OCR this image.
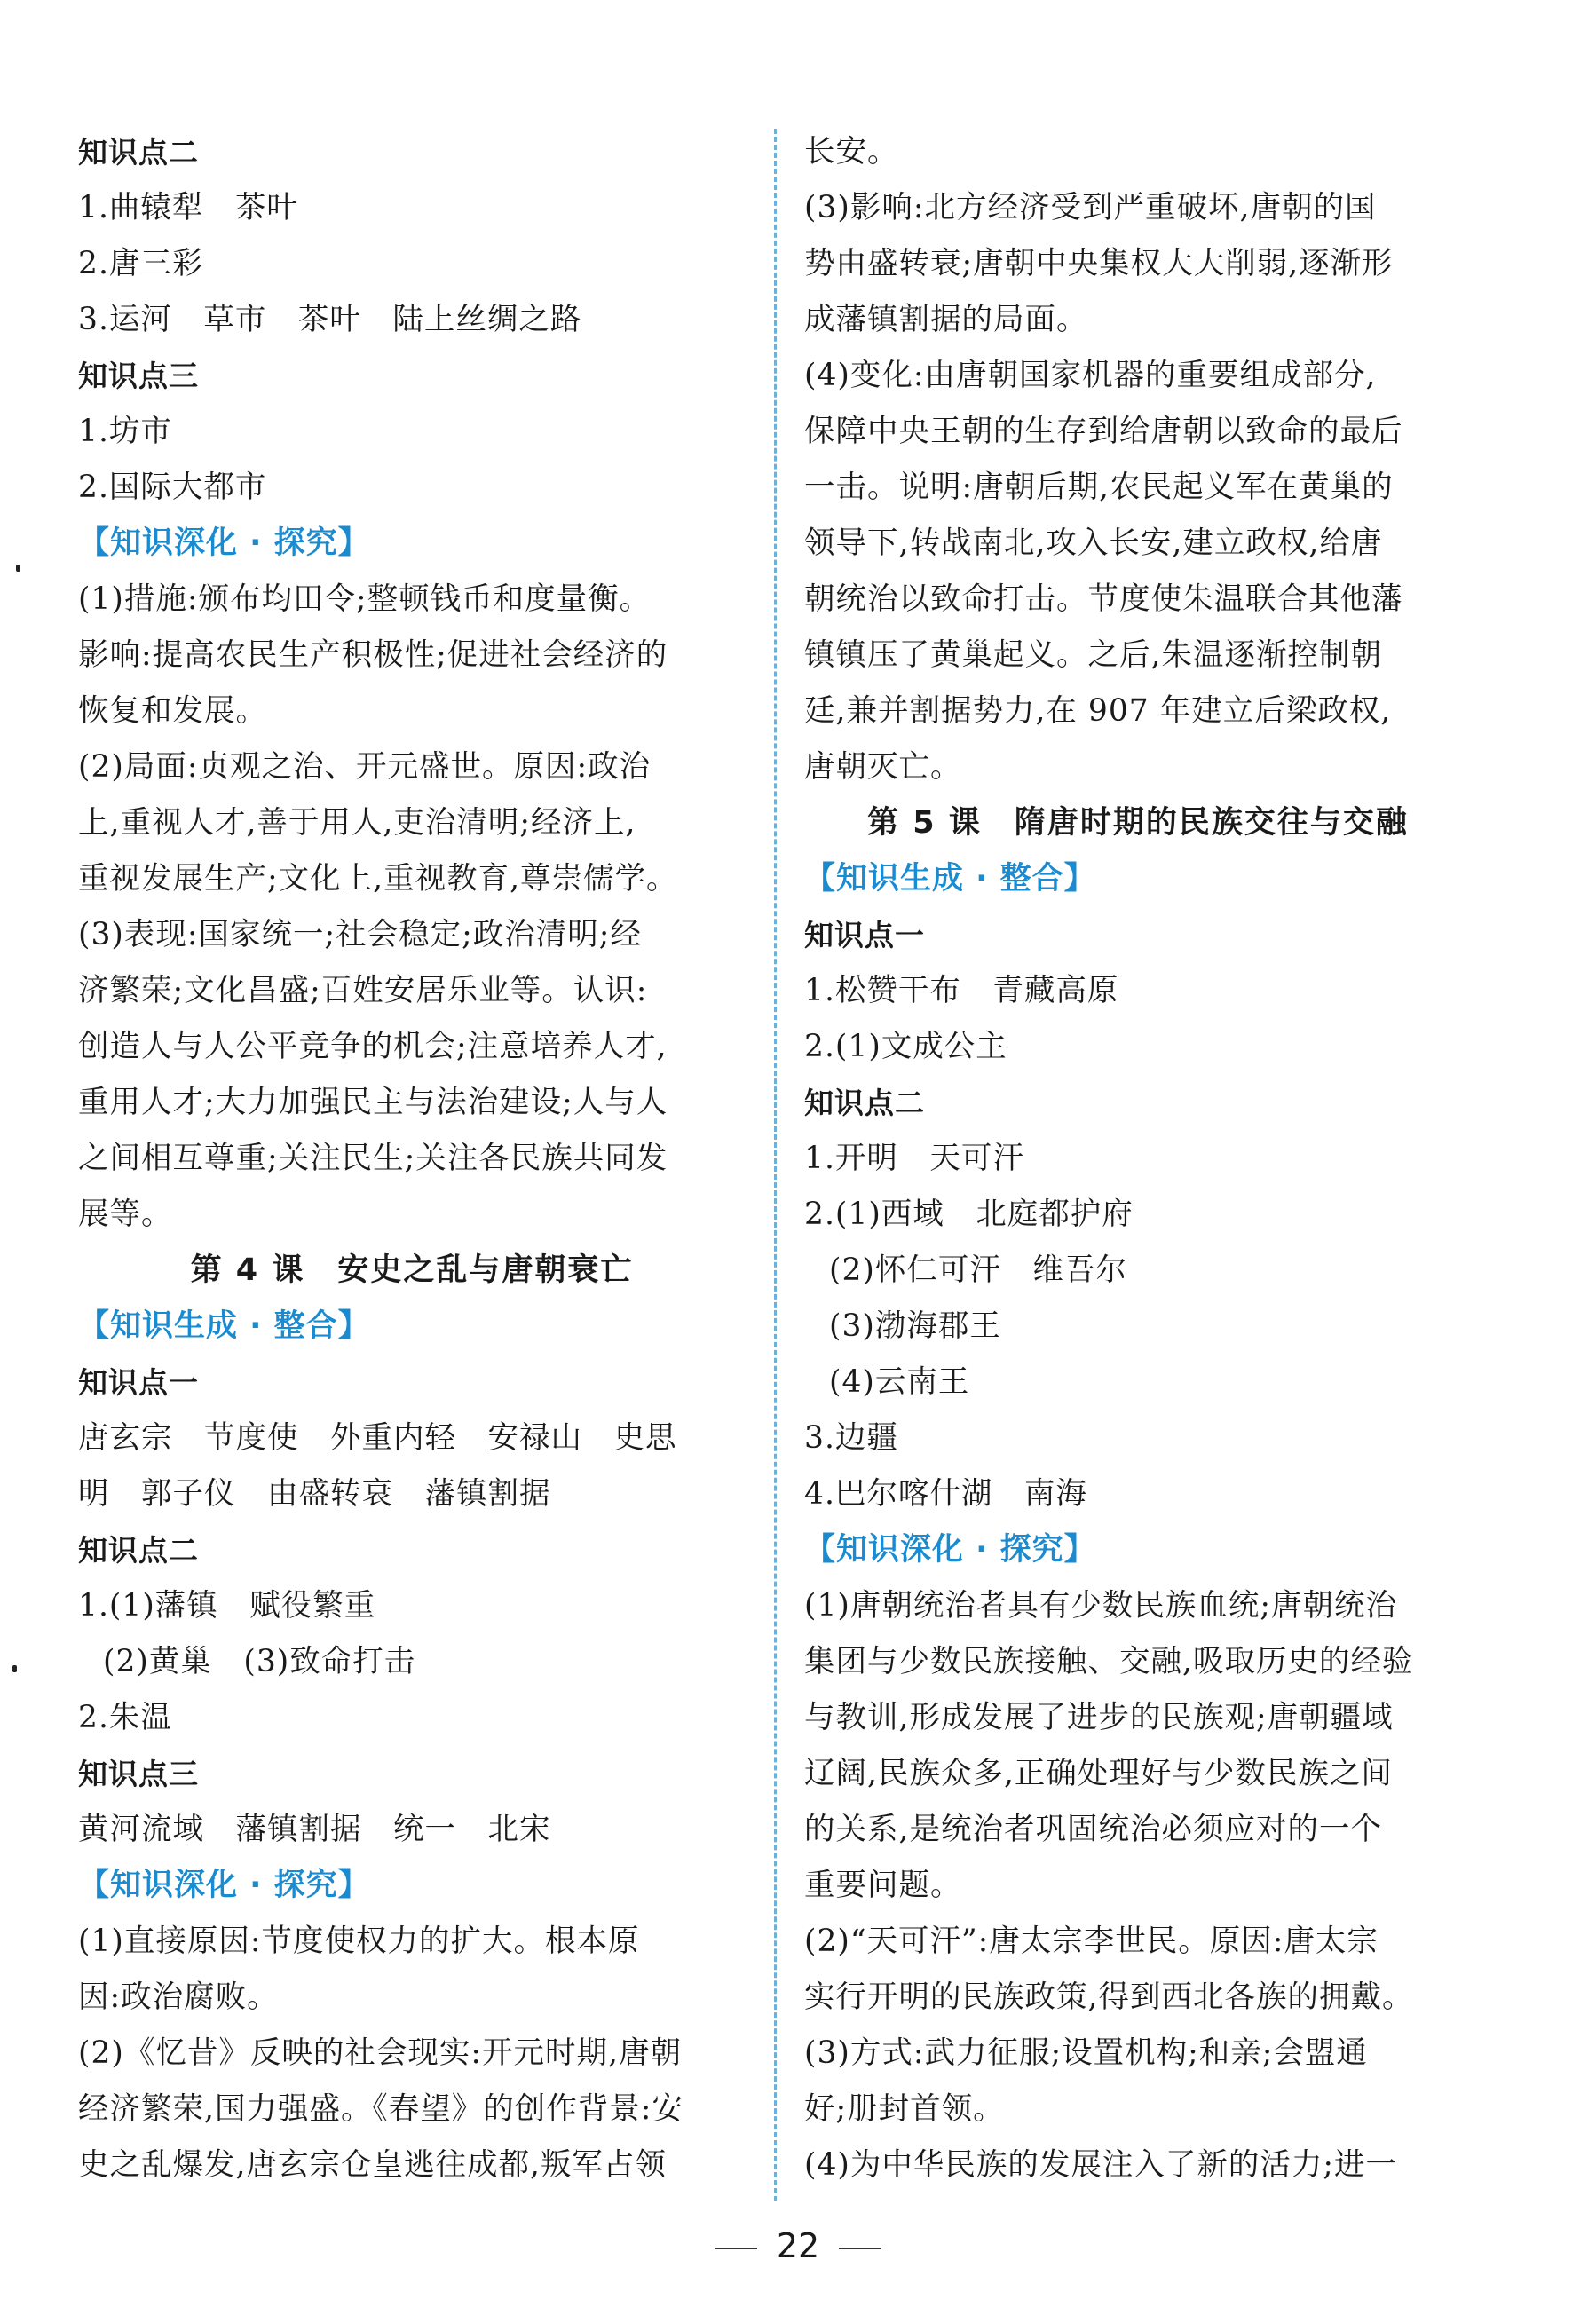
知识点二
1.曲辕犁　茶叶
2.唐三彩
3.运河　草市　茶叶　陆上丝绸之路
知识点三
1.坊市
2.国际大都市
【知识深化 · 探究】
(1)措施:颁布均田令;整顿钱币和度量衡。
影响:提高农民生产积极性;促进社会经济的
恢复和发展。
(2)局面:贞观之治、开元盛世。原因:政治
上,重视人才,善于用人,吏治清明;经济上,
重视发展生产;文化上,重视教育,尊崇儒学。
(3)表现:国家统一;社会稳定;政治清明;经
济繁荣;文化昌盛;百姓安居乐业等。认识:
创造人与人公平竞争的机会;注意培养人才,
重用人才;大力加强民主与法治建设;人与人
之间相互尊重;关注民生;关注各民族共同发
展等。
第 4 课　安史之乱与唐朝衰亡
【知识生成 · 整合】
知识点一
唐玄宗　节度使　外重内轻　安禄山　史思
明　郭子仪　由盛转衰　藩镇割据
知识点二
1.(1)藩镇　赋役繁重
(2)黄巢　(3)致命打击
2.朱温
知识点三
黄河流域　藩镇割据　统一　北宋
【知识深化 · 探究】
(1)直接原因:节度使权力的扩大。根本原
因:政治腐败。
(2)《忆昔》反映的社会现实:开元时期,唐朝
经济繁荣,国力强盛。《春望》的创作背景:安
史之乱爆发,唐玄宗仓皇逃往成都,叛军占领
长安。
(3)影响:北方经济受到严重破坏,唐朝的国
势由盛转衰;唐朝中央集权大大削弱,逐渐形
成藩镇割据的局面。
(4)变化:由唐朝国家机器的重要组成部分,
保障中央王朝的生存到给唐朝以致命的最后
一击。说明:唐朝后期,农民起义军在黄巢的
领导下,转战南北,攻入长安,建立政权,给唐
朝统治以致命打击。节度使朱温联合其他藩
镇镇压了黄巢起义。之后,朱温逐渐控制朝
廷,兼并割据势力,在 907 年建立后梁政权,
唐朝灭亡。
第 5 课　隋唐时期的民族交往与交融
【知识生成 · 整合】
知识点一
1.松赞干布　青藏高原
2.(1)文成公主
知识点二
1.开明　天可汗
2.(1)西域　北庭都护府
(2)怀仁可汗　维吾尔
(3)渤海郡王
(4)云南王
3.边疆
4.巴尔喀什湖　南海
【知识深化 · 探究】
(1)唐朝统治者具有少数民族血统;唐朝统治
集团与少数民族接触、交融,吸取历史的经验
与教训,形成发展了进步的民族观;唐朝疆域
辽阔,民族众多,正确处理好与少数民族之间
的关系,是统治者巩固统治必须应对的一个
重要问题。
(2)“天可汗”:唐太宗李世民。原因:唐太宗
实行开明的民族政策,得到西北各族的拥戴。
(3)方式:武力征服;设置机构;和亲;会盟通
好;册封首领。
(4)为中华民族的发展注入了新的活力;进一
22
